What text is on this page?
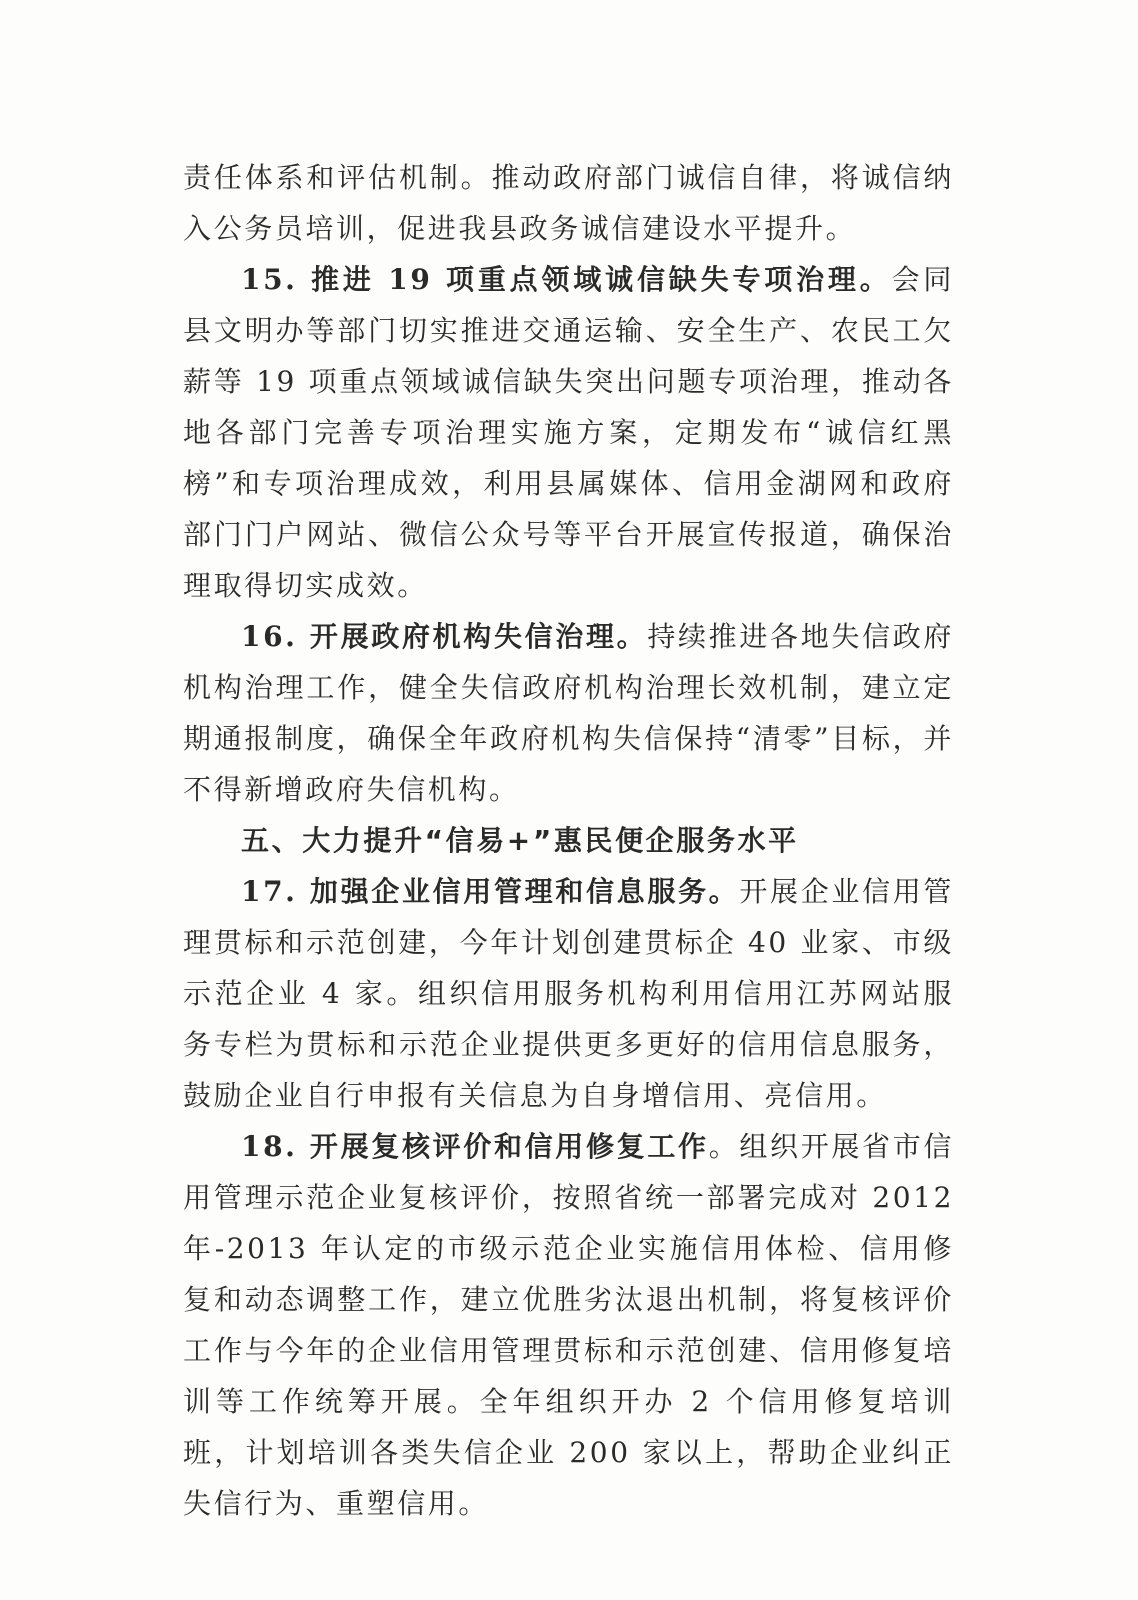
责任体系和评估机制。推动政府部门诚信自律，将诚信纳入公务员培训，促进我县政务诚信建设水平提升。

15. 推进 19 项重点领域诚信缺失专项治理。会同县文明办等部门切实推进交通运输、安全生产、农民工欠薪等 19 项重点领域诚信缺失突出问题专项治理，推动各地各部门完善专项治理实施方案，定期发布“诚信红黑榜”和专项治理成效，利用县属媒体、信用金湖网和政府部门门户网站、微信公众号等平台开展宣传报道，确保治理取得切实成效。

16. 开展政府机构失信治理。持续推进各地失信政府机构治理工作，健全失信政府机构治理长效机制，建立定期通报制度，确保全年政府机构失信保持“清零”目标，并不得新增政府失信机构。

五、大力提升“信易+”惠民便企服务水平

17. 加强企业信用管理和信息服务。开展企业信用管理贯标和示范创建，今年计划创建贯标企 40 业家、市级示范企业 4 家。组织信用服务机构利用信用江苏网站服务专栏为贯标和示范企业提供更多更好的信用信息服务，鼓励企业自行申报有关信息为自身增信用、亮信用。

18. 开展复核评价和信用修复工作。组织开展省市信用管理示范企业复核评价，按照省统一部署完成对 2012 年-2013 年认定的市级示范企业实施信用体检、信用修复和动态调整工作，建立优胜劣汰退出机制，将复核评价工作与今年的企业信用管理贯标和示范创建、信用修复培训等工作统筹开展。全年组织开办 2 个信用修复培训班，计划培训各类失信企业 200 家以上，帮助企业纠正失信行为、重塑信用。
